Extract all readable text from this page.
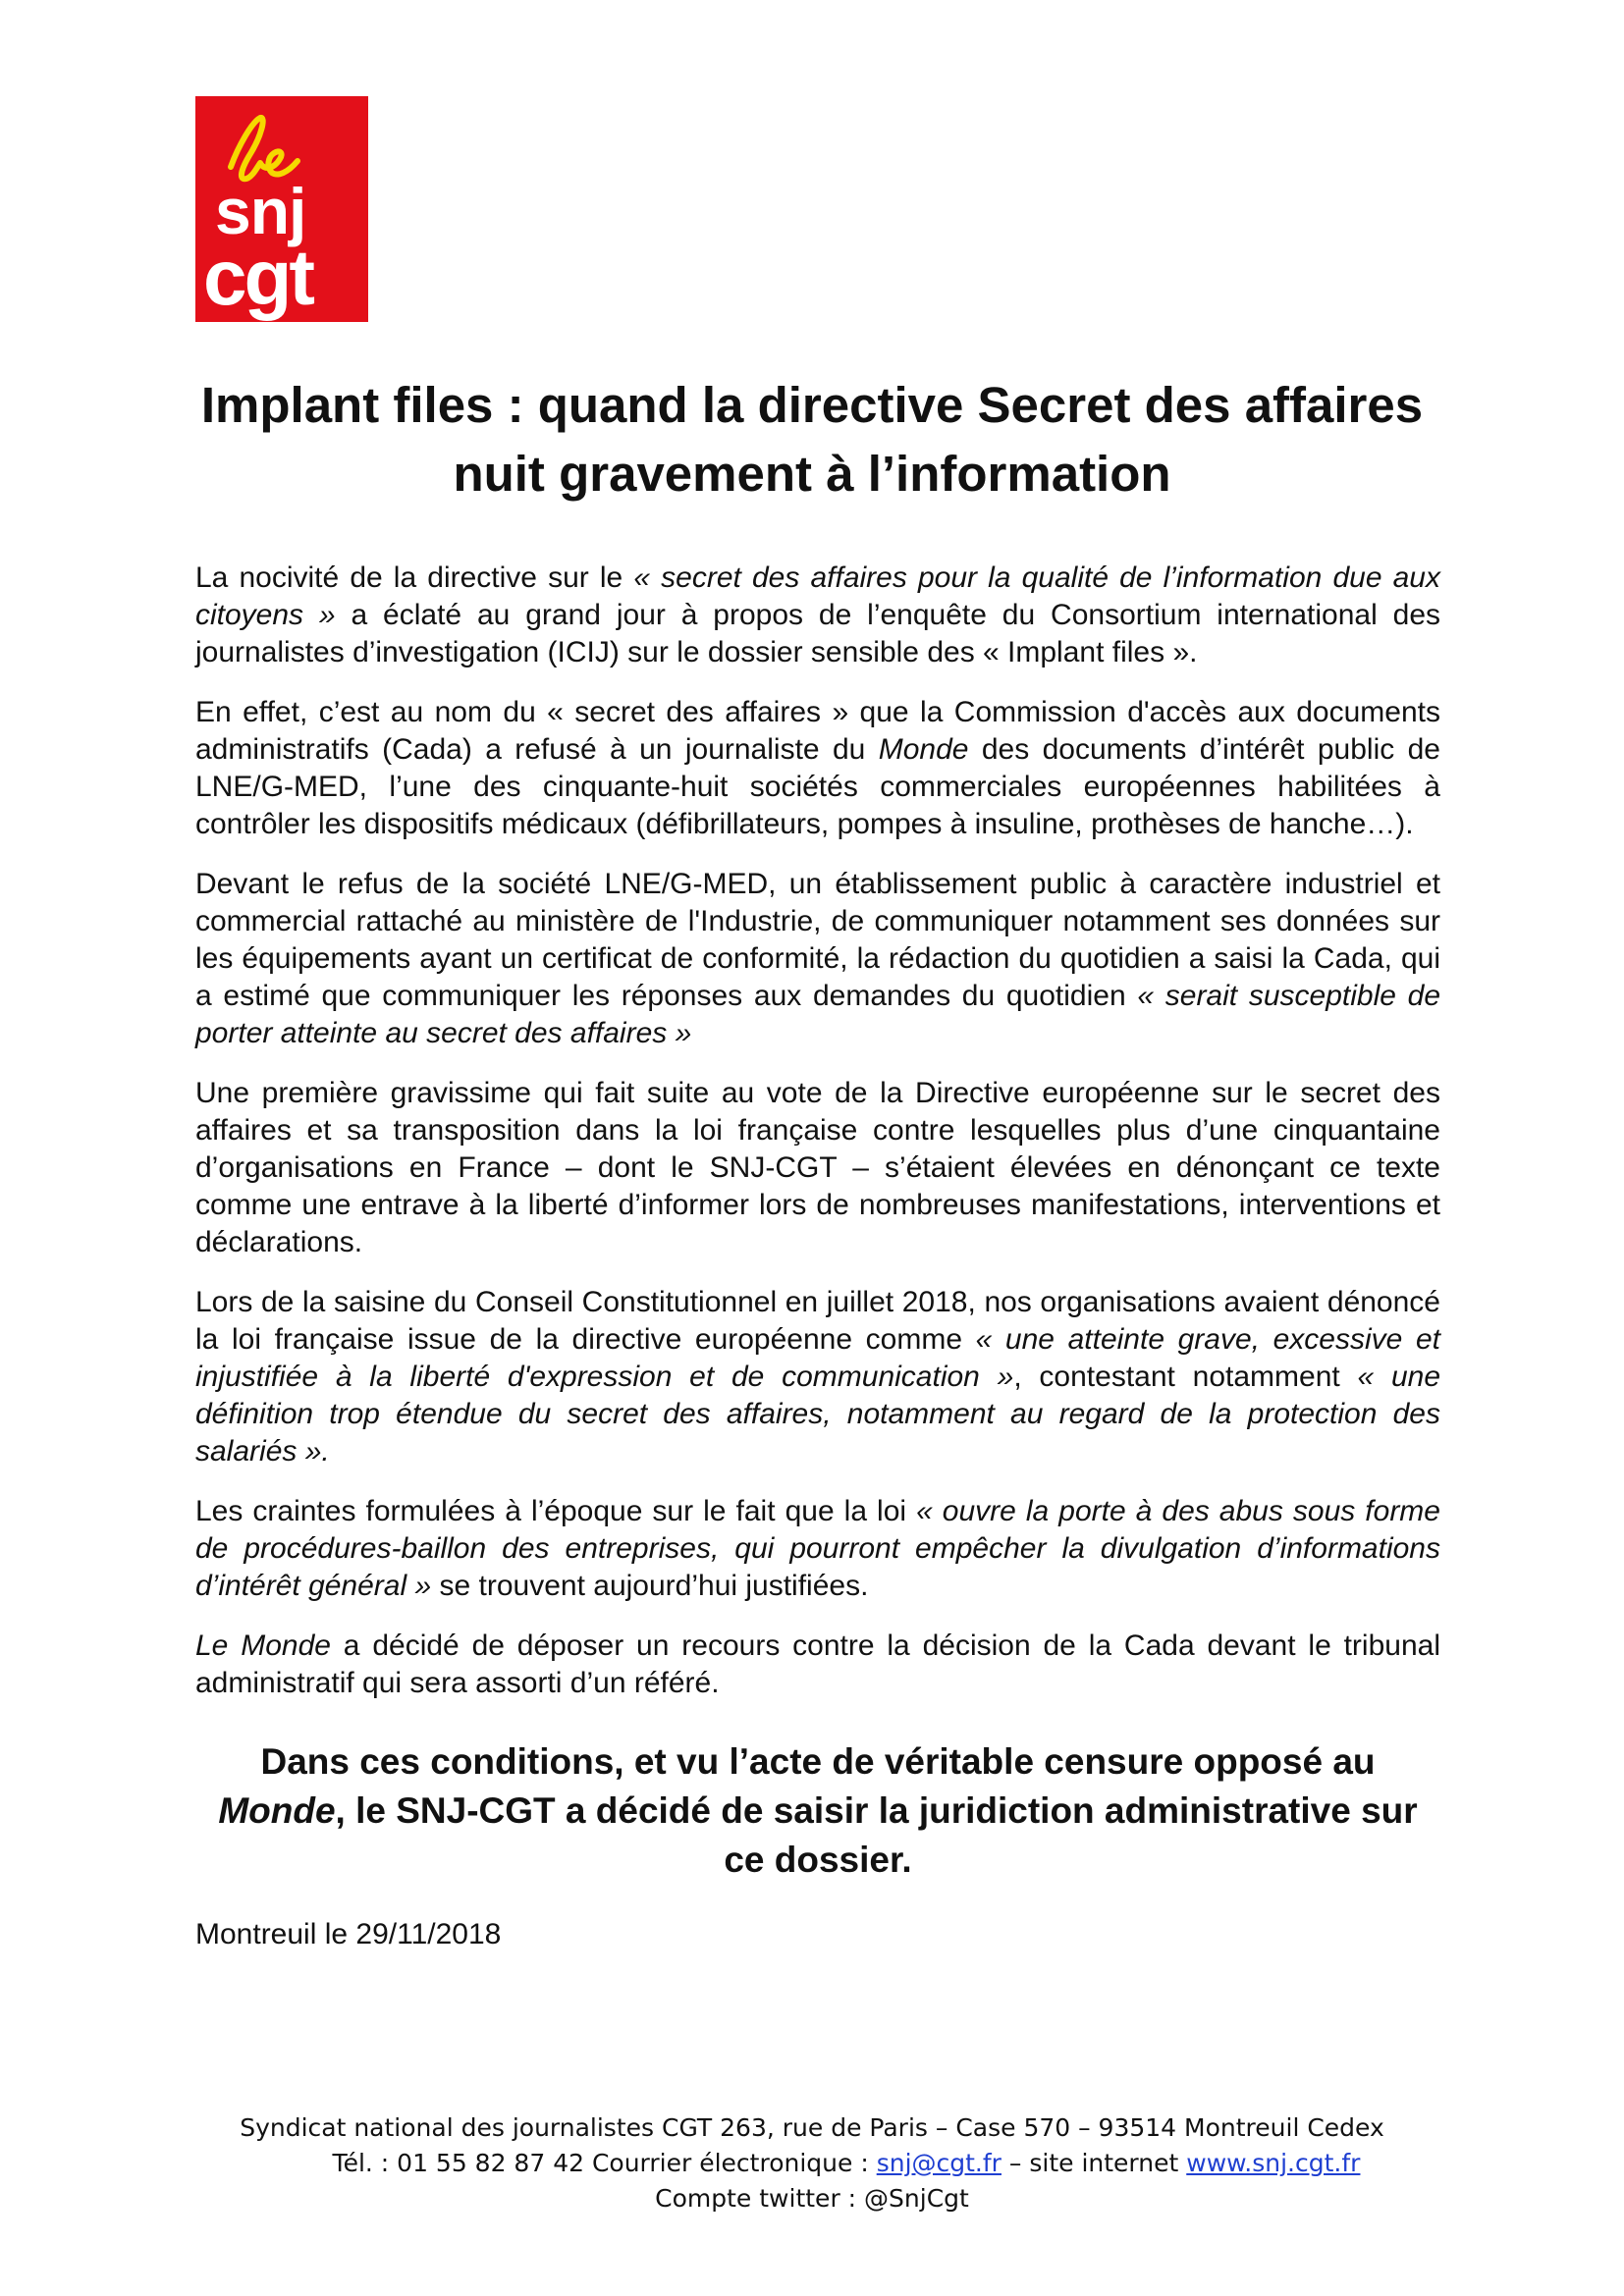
snj
cgt
Implant files : quand la directive Secret des affaires
nuit gravement à l’information

La nocivité de la directive sur le « secret des affaires pour la qualité de l’information due aux citoyens » a éclaté au grand jour à propos de l’enquête du Consortium international des journalistes d’investigation (ICIJ) sur le dossier sensible des « Implant files ».

En effet, c’est au nom du « secret des affaires » que la Commission d'accès aux documents administratifs (Cada) a refusé à un journaliste du Monde des documents d’intérêt public de LNE/G-MED, l’une des cinquante-huit sociétés commerciales européennes habilitées à contrôler les dispositifs médicaux (défibrillateurs, pompes à insuline, prothèses de hanche…).

Devant le refus de la société LNE/G-MED, un établissement public à caractère industriel et commercial rattaché au ministère de l'Industrie, de communiquer notamment ses données sur les équipements ayant un certificat de conformité, la rédaction du quotidien a saisi la Cada, qui a estimé que communiquer les réponses aux demandes du quotidien « serait susceptible de porter atteinte au secret des affaires »

Une première gravissime qui fait suite au vote de la Directive européenne sur le secret des affaires et sa transposition dans la loi française contre lesquelles plus d’une cinquantaine d’organisations en France – dont le SNJ-CGT – s’étaient élevées en dénonçant ce texte comme une entrave à la liberté d’informer lors de nombreuses manifestations, interventions et déclarations.

Lors de la saisine du Conseil Constitutionnel en juillet 2018, nos organisations avaient dénoncé la loi française issue de la directive européenne comme « une atteinte grave, excessive et injustifiée à la liberté d'expression et de communication », contestant notamment « une définition trop étendue du secret des affaires, notamment au regard de la protection des salariés ».

Les craintes formulées à l’époque sur le fait que la loi « ouvre la porte à des abus sous forme de procédures-baillon des entreprises, qui pourront empêcher la divulgation d’informations d’intérêt général » se trouvent aujourd’hui justifiées.

Le Monde a décidé de déposer un recours contre la décision de la Cada devant le tribunal administratif qui sera assorti d’un référé.

Dans ces conditions, et vu l’acte de véritable censure opposé au
Monde, le SNJ-CGT a décidé de saisir la juridiction administrative sur ce dossier.

Montreuil le 29/11/2018

Syndicat national des journalistes CGT 263, rue de Paris – Case 570 – 93514 Montreuil Cedex
Tél. : 01 55 82 87 42 Courrier électronique : snj@cgt.fr – site internet www.snj.cgt.fr
Compte twitter : @SnjCgt
